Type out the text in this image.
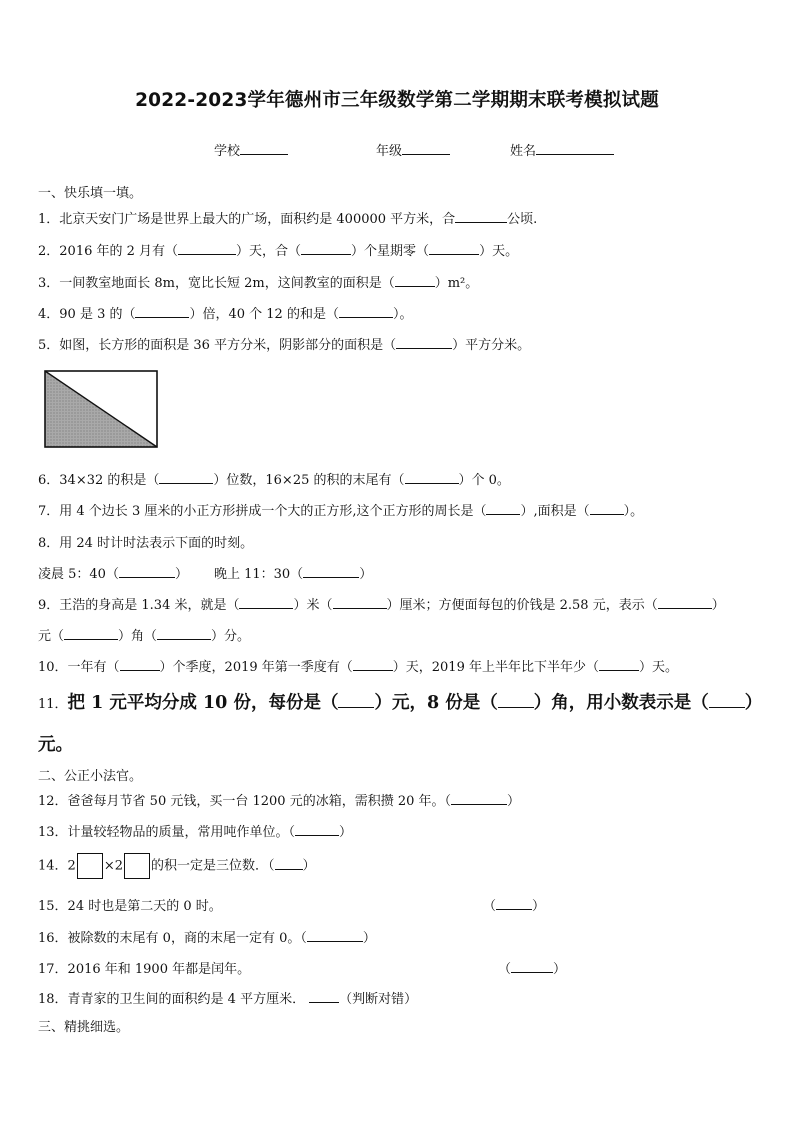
2022-2023学年德州市三年级数学第二学期期末联考模拟试题
学校	年级	姓名
一、快乐填一填。
1．北京天安门广场是世界上最大的广场，面积约是 400000 平方米，合	公顷.
2．2016 年的 2 月有（	）天，合（	）个星期零（	）天。
3．一间教室地面长 8m，宽比长短 2m，这间教室的面积是（	）m²。
4．90 是 3 的（	）倍，40 个 12 的和是（	）。
5．如图，长方形的面积是 36 平方分米，阴影部分的面积是（	）平方分米。
6．34×32 的积是（	）位数，16×25 的积的末尾有（	）个 0。
7．用 4 个边长 3 厘米的小正方形拼成一个大的正方形,这个正方形的周长是（	）,面积是（	）。
8．用 24 时计时法表示下面的时刻。
凌晨 5：40（	） 晚上 11：30（	）
9．王浩的身高是 1.34 米，就是（	）米（	）厘米；方便面每包的价钱是 2.58 元，表示（	）
元（	）角（	）分。
10．一年有（	）个季度，2019 年第一季度有（	）天，2019 年上半年比下半年少（	）天。
11．把 1 元平均分成 10 份，每份是（ ）元，8 份是（ ）角，用小数表示是（ ）
元。
二、公正小法官。
12．爸爸每月节省 50 元钱，买一台 1200 元的冰箱，需积攒 20 年。（	）
13．计量较轻物品的质量，常用吨作单位。（	）
14．2 ×2 的积一定是三位数．（ ）
15．24 时也是第二天的 0 时。	（	）
16．被除数的末尾有 0，商的末尾一定有 0。（	）
17．2016 年和 1900 年都是闰年。	（	）
18．青青家的卫生间的面积约是 4 平方厘米．	（判断对错）
三、精挑细选。
